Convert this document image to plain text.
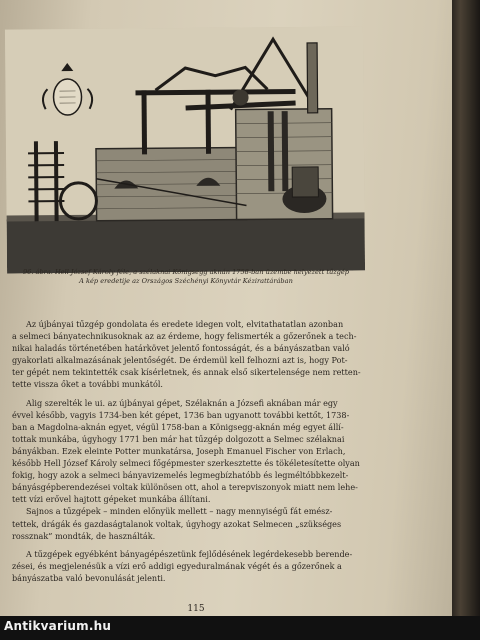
96. ábra. Hell József Károly féle, a szélaknai Königsegg aknán 1758-ban üzembe helyezett tűzgép
A kép eredetije az Országos Széchényi Könyvtár Kézirattárában
Az újbányai tűzgép gondolata és eredete idegen volt, elvitathatatlan azonban
a selmeci bányatechnikusoknak az az érdeme, hogy felismerték a gőzerőnek a tech-
nikai haladás történetében határkövet jelentő fontosságát, és a bányászatban való
gyakorlati alkalmazásának jelentőségét. De érdemül kell felhozni azt is, hogy Pot-
ter gépét nem tekintették csak kísérletnek, és annak első sikertelensége nem retten-
tette vissza őket a további munkától.
Alig szerelték le ui. az újbányai gépet, Szélaknán a Józsefi aknában már egy
évvel később, vagyis 1734-ben két gépet, 1736 ban ugyanott további kettőt, 1738-
ban a Magdolna-aknán egyet, végül 1758-ban a Königsegg-aknán még egyet állí-
tottak munkába, úgyhogy 1771 ben már hat tűzgép dolgozott a Selmec szélaknai
bányákban. Ezek eleinte Potter munkatársa, Joseph Emanuel Fischer von Erlach,
később Hell József Károly selmeci főgépmester szerkesztette és tökéletesítette olyan
fokig, hogy azok a selmeci bányavizemelés legmegbízhatóbb és legméltóbbkezelt-
bányásgépberendezései voltak különösen ott, ahol a terepviszonyok miatt nem lehe-
tett vízi erővel hajtott gépeket munkába állítani.
Sajnos a tűzgépek – minden előnyük mellett – nagy mennyiségű fát emész-
tettek, drágák és gazdaságtalanok voltak, úgyhogy azokat Selmecen „szükséges
rossznak” mondták, de használták.
A tűzgépek egyébként bányagépészetünk fejlődésének legérdekesebb berende-
zései, és megjelenésük a vízi erő addigi egyeduralmának végét és a gőzerőnek a
bányászatba való bevonulását jelenti.
115
Antikvarium.hu
